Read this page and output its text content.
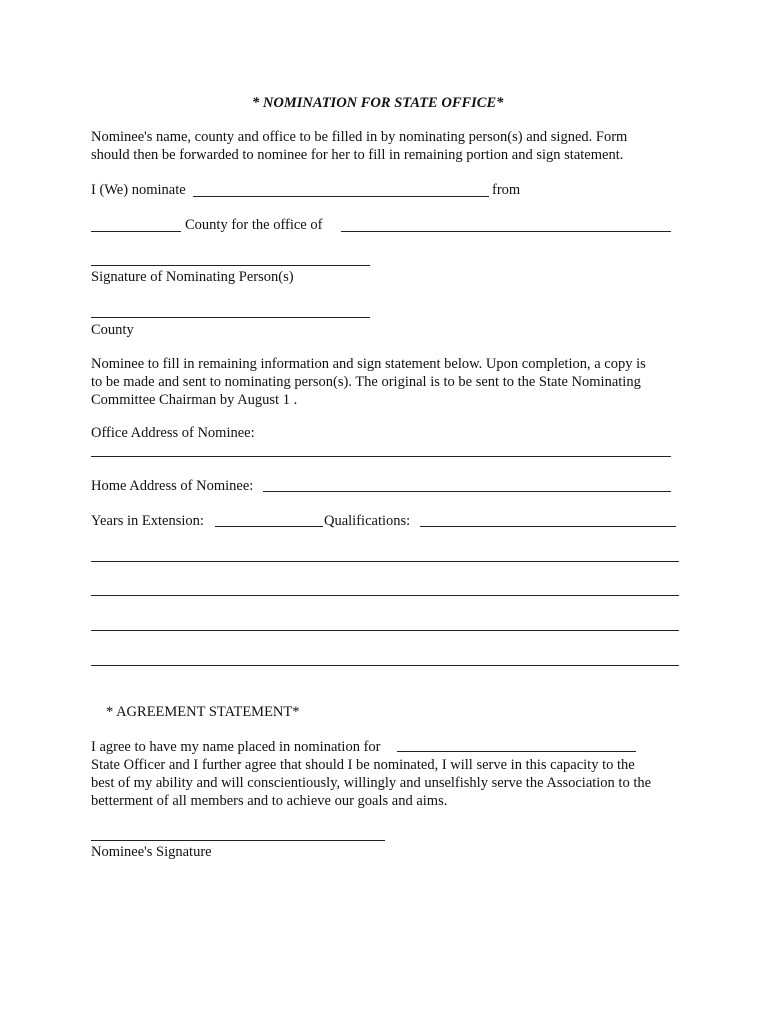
* NOMINATION FOR STATE OFFICE*
Nominee's name, county and office to be filled in by nominating person(s) and signed. Form
should then be forwarded to nominee for her to fill in remaining portion and sign statement.
I (We) nominate	from
County for the office of
Signature of Nominating Person(s)
County
Nominee to fill in remaining information and sign statement below. Upon completion, a copy is
to be made and sent to nominating person(s). The original is to be sent to the State Nominating
Committee Chairman by August 1 .
Office Address of Nominee:
Home Address of Nominee:
Years in Extension:	Qualifications:
* AGREEMENT STATEMENT*
I agree to have my name placed in nomination for
State Officer and I further agree that should I be nominated, I will serve in this capacity to the
best of my ability and will conscientiously, willingly and unselfishly serve the Association to the
betterment of all members and to achieve our goals and aims.
Nominee's Signature
